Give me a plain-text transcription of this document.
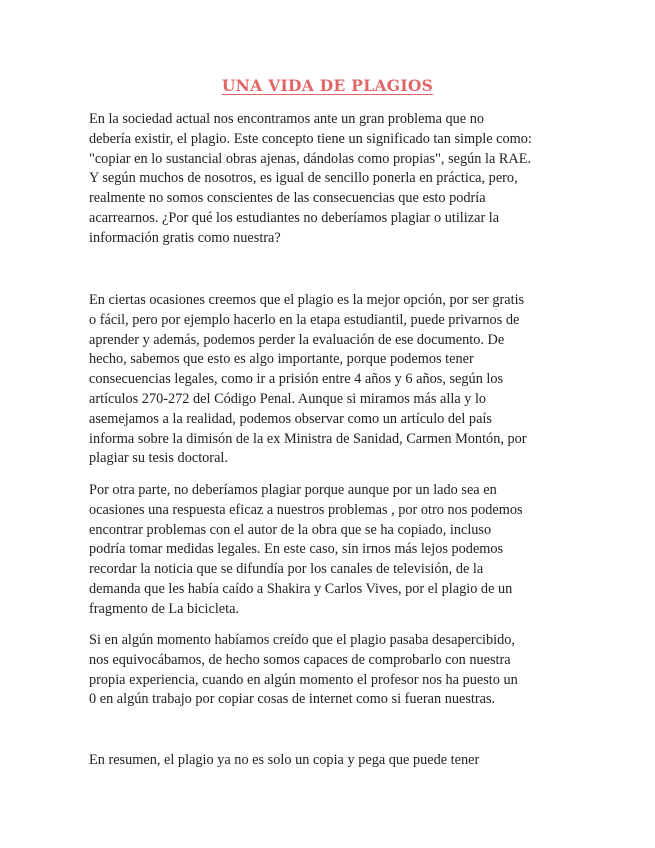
UNA VIDA DE PLAGIOS
En la sociedad actual nos encontramos ante un gran problema que no
debería existir, el plagio. Este concepto tiene un significado tan simple como:
"copiar en lo sustancial obras ajenas, dándolas como propias", según la RAE.
Y según muchos de nosotros, es igual de sencillo ponerla en práctica, pero,
realmente no somos conscientes de las consecuencias que esto podría
acarrearnos. ¿Por qué los estudiantes no deberíamos plagiar o utilizar la
información gratis como nuestra?
En ciertas ocasiones creemos que el plagio es la mejor opción, por ser gratis
o fácil, pero por ejemplo hacerlo en la etapa estudiantil, puede privarnos de
aprender y además, podemos perder la evaluación de ese documento. De
hecho, sabemos que esto es algo importante, porque podemos tener
consecuencias legales, como ir a prisión entre 4 años y 6 años, según los
artículos 270-272 del Código Penal. Aunque si miramos más alla y lo
asemejamos a la realidad, podemos observar como un artículo del país
informa sobre la dimisón de la ex Ministra de Sanidad, Carmen Montón, por
plagiar su tesis doctoral.
Por otra parte, no deberíamos plagiar porque aunque por un lado sea en
ocasiones una respuesta eficaz a nuestros problemas , por otro nos podemos
encontrar problemas con el autor de la obra que se ha copiado, incluso
podría tomar medidas legales. En este caso, sin irnos más lejos podemos
recordar la noticia que se difundía por los canales de televisión, de la
demanda que les había caído a Shakira y Carlos Vives, por el plagio de un
fragmento de La bicicleta.
Si en algún momento habíamos creído que el plagio pasaba desapercibido,
nos equivocábamos, de hecho somos capaces de comprobarlo con nuestra
propia experiencia, cuando en algún momento el profesor nos ha puesto un
0 en algún trabajo por copiar cosas de internet como si fueran nuestras.
En resumen, el plagio ya no es solo un copia y pega que puede tener
